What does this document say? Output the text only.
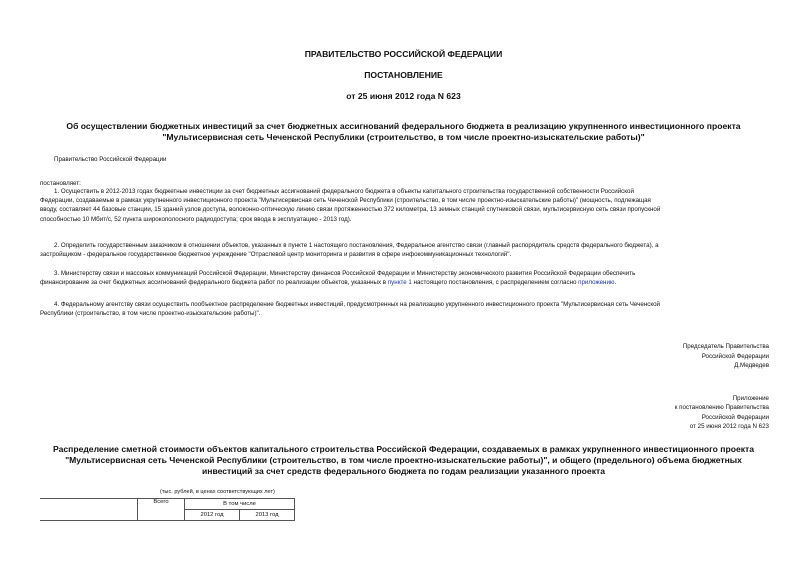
ПРАВИТЕЛЬСТВО РОССИЙСКОЙ ФЕДЕРАЦИИ
ПОСТАНОВЛЕНИЕ
от 25 июня 2012 года N 623
Об осуществлении бюджетных инвестиций за счет бюджетных ассигнований федерального бюджета в реализацию укрупненного инвестиционного проекта
"Мультисервисная сеть Чеченской Республики (строительство, в том числе проектно-изыскательские работы)"
Правительство Российской Федерации
постановляет:
1. Осуществить в 2012-2013 годах бюджетные инвестиции за счет бюджетных ассигнований федерального бюджета в объекты капитального строительства государственной собственности Российской
Федерации, создаваемые в рамках укрупненного инвестиционного проекта "Мультисервисная сеть Чеченской Республики (строительство, в том числе проектно-изыскательские работы)" (мощность, подлежащая
вводу, составляет 44 базовые станции, 15 зданий узлов доступа, волоконно-оптическую линию связи протяженностью 372 километра, 13 земных станций спутниковой связи, мультисервисную сеть связи пропускной
способностью 10 Мбит/с, 52 пункта широкополосного радиодоступа; срок ввода в эксплуатацию - 2013 год).
2. Определить государственным заказчиком в отношении объектов, указанных в пункте 1 настоящего постановления, Федеральное агентство связи (главный распорядитель средств федерального бюджета), а
застройщиком - федеральное государственное бюджетное учреждение "Отраслевой центр мониторинга и развития в сфере инфокоммуникационных технологий".
3. Министерству связи и массовых коммуникаций Российской Федерации, Министерству финансов Российской Федерации и Министерству экономического развития Российской Федерации обеспечить
финансирование за счет бюджетных ассигнований федерального бюджета работ по реализации объектов, указанных в пункте 1 настоящего постановления, с распределением согласно приложению.
4. Федеральному агентству связи осуществить пообъектное распределение бюджетных инвестиций, предусмотренных на реализацию укрупненного инвестиционного проекта "Мультисервисная сеть Чеченской
Республики (строительство, в том числе проектно-изыскательские работы)".
Председатель Правительства
Российской Федерации
Д.Медведев
Приложение
к постановлению Правительства
Российской Федерации
от 25 июня 2012 года N 623
Распределение сметной стоимости объектов капитального строительства Российской Федерации, создаваемых в рамках укрупненного инвестиционного проекта
"Мультисервисная сеть Чеченской Республики (строительство, в том числе проектно-изыскательские работы)", и общего (предельного) объема бюджетных
инвестиций за счет средств федерального бюджета по годам реализации указанного проекта
(тыс. рублей, в ценах соответствующих лет)
	Всего	В том числе	
		2012 год	2013 год
